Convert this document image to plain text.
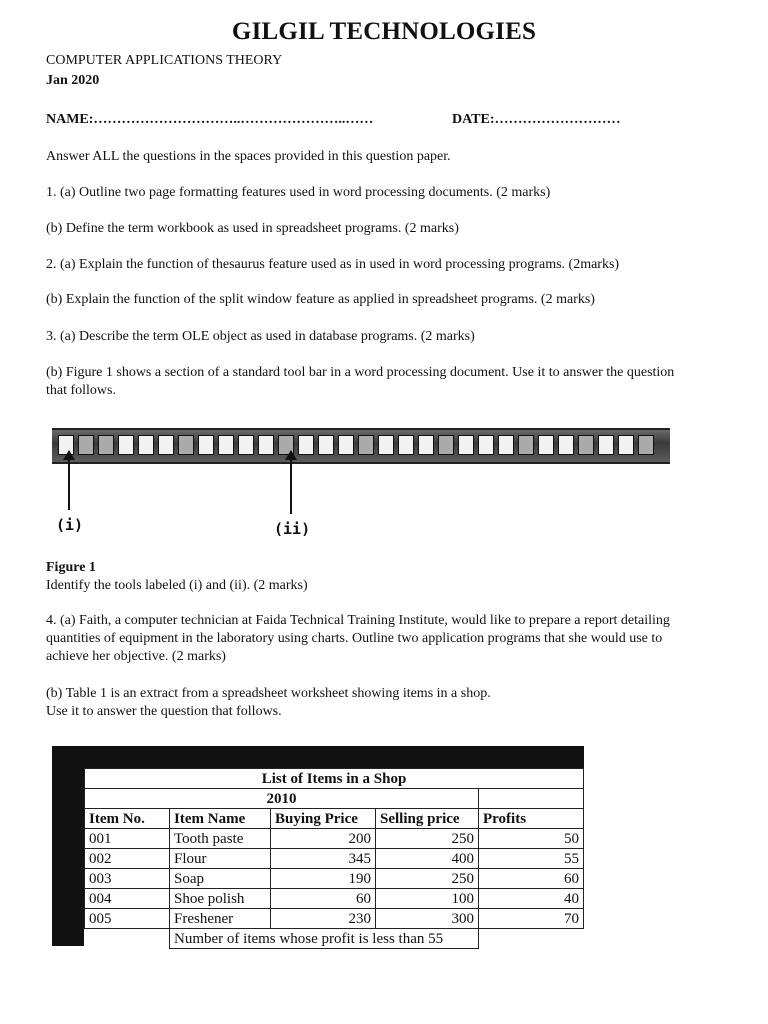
GILGIL TECHNOLOGIES
COMPUTER APPLICATIONS THEORY
Jan 2020
NAME:…………………………..…………………..……	DATE:………………………
Answer ALL the questions in the spaces provided in this question paper.
1. (a) Outline two page formatting features used in word processing documents. (2 marks)
(b) Define the term workbook as used in spreadsheet programs. (2 marks)
2. (a) Explain the function of thesaurus feature used as in used in word processing programs. (2marks)
(b) Explain the function of the split window feature as applied in spreadsheet programs. (2 marks)
3. (a) Describe the term OLE object as used in database programs. (2 marks)
(b) Figure 1 shows a section of a standard tool bar in a word processing document. Use it to answer the question that follows.
(i)	(ii)
Figure 1
Identify the tools labeled (i) and (ii). (2 marks)
4. (a) Faith, a computer technician at Faida Technical Training Institute, would like to prepare a report detailing quantities of equipment in the laboratory using charts. Outline two application programs that she would use to achieve her objective. (2 marks)
(b) Table 1 is an extract from a spreadsheet worksheet showing items in a shop.
Use it to answer the question that follows.
List of Items in a Shop				
2010				
Item No.	Item Name	Buying Price	Selling price	Profits
001	Tooth paste	200	250	50
002	Flour	345	400	55
003	Soap	190	250	60
004	Shoe polish	60	100	40
005	Freshener	230	300	70
	Number of items whose profit is less than 55			
